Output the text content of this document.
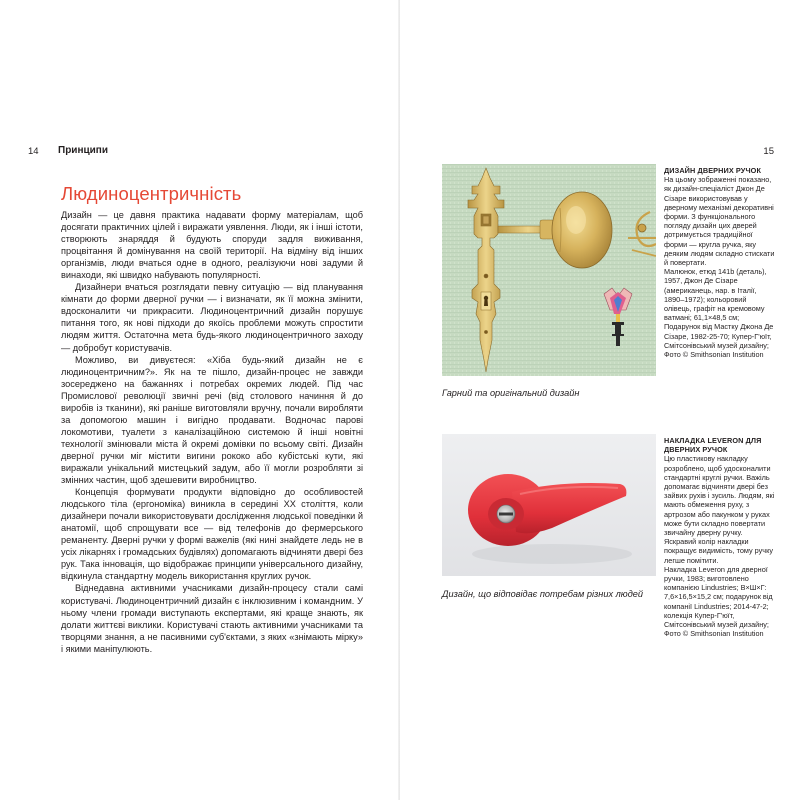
14 Принципи
Людиноцентричність

Дизайн — це давня практика надавати форму матеріалам, щоб досягати практичних цілей і виражати уявлення. Люди, як і інші істоти, створюють знаряддя й будують споруди задля виживання, процвітання й домінування на своїй території. На відміну від інших організмів, люди вчаться одне в одного, реалізуючи нові задуми й винаходи, які швидко набувають популярності.

Дизайнери вчаться розглядати певну ситуацію — від планування кімнати до форми дверної ручки — і визначати, як її можна змінити, вдосконалити чи прикрасити. Людиноцентричний дизайн порушує питання того, як нові підходи до якоїсь проблеми можуть спростити людям життя. Остаточна мета будь-якого людиноцентричного заходу — добробут користувачів.

Можливо, ви дивуєтеся: «Хіба будь-який дизайн не є людиноцентричним?». Як на те пішло, дизайн-процес не завжди зосереджено на бажаннях і потребах окремих людей. Під час Промислової революції звичні речі (від столового начиння й до виробів із тканини), які раніше виготовляли вручну, почали виробляти за допомогою машин і вигідно продавати. Водночас парові локомотиви, туалети з каналізаційною системою й інші новітні технології змінювали міста й окремі домівки по всьому світі. Дизайн дверної ручки міг містити вигини рококо або кубістські кути, які виражали унікальний мистецький задум, або її могли розробляти зі змінних частин, щоб здешевити виробництво.

Концепція формувати продукти відповідно до особливостей людського тіла (ергономіка) виникла в середині XX століття, коли дизайнери почали використовувати дослідження людської поведінки й анатомії, щоб спрощувати все — від телефонів до фермерського реманенту. Дверні ручки у формі важелів (які нині знайдете ледь не в усіх лікарнях і громадських будівлях) допомагають відчиняти двері без рук. Така інновація, що відображає принципи універсального дизайну, відкинула стандартну модель використання круглих ручок.

Віднедавна активними учасниками дизайн-процесу стали самі користувачі. Людиноцентричний дизайн є інклюзивним і командним. У ньому члени громади виступають експертами, які краще знають, як долати життєві виклики. Користувачі стають активними учасниками та творцями знання, а не пасивними суб'єктами, з яких «знімають мірку» і якими маніпулюють.

15
Гарний та оригінальний дизайн
ДИЗАЙН ДВЕРНИХ РУЧОК
На цьому зображенні показано, як дизайн-спеціаліст Джон Де Сізаре використовував у дверному механізмі декоративні форми. З функціонального погляду дизайн цих дверей дотримується традиційної форми — кругла ручка, яку деяким людям складно стискати й повертати.
Малюнок, етюд 141b (деталь), 1957, Джон Де Сізаре (американець, нар. в Італії, 1890–1972); кольоровий олівець, графіт на кремовому ватмані; 61,1×48,5 см; Подарунок від Мастку Джона Де Сізаре, 1982-25-70; Купер-Г'юїт, Смітсонівський музей дизайну; Фото © Smithsonian Institution
Дизайн, що відповідає потребам різних людей
НАКЛАДКА LEVERON ДЛЯ ДВЕРНИХ РУЧОК
Цю пластикову накладку розроблено, щоб удосконалити стандартні круглі ручки. Важіль допомагає відчиняти двері без зайвих рухів і зусиль. Людям, які мають обмеження руху, з артрозом або пакунком у руках може бути складно повертати звичайну дверну ручку. Яскравий колір накладки покращує видимість, тому ручку легше помітити.
Накладка Leveron для дверної ручки, 1983; виготовлено компанією Lindustries; В×Ш×Г: 7,6×16,5×15,2 см; подарунок від компанії Lindustries; 2014-47-2; колекція Купер-Г'юїт, Смітсонівський музей дизайну; Фото © Smithsonian Institution
